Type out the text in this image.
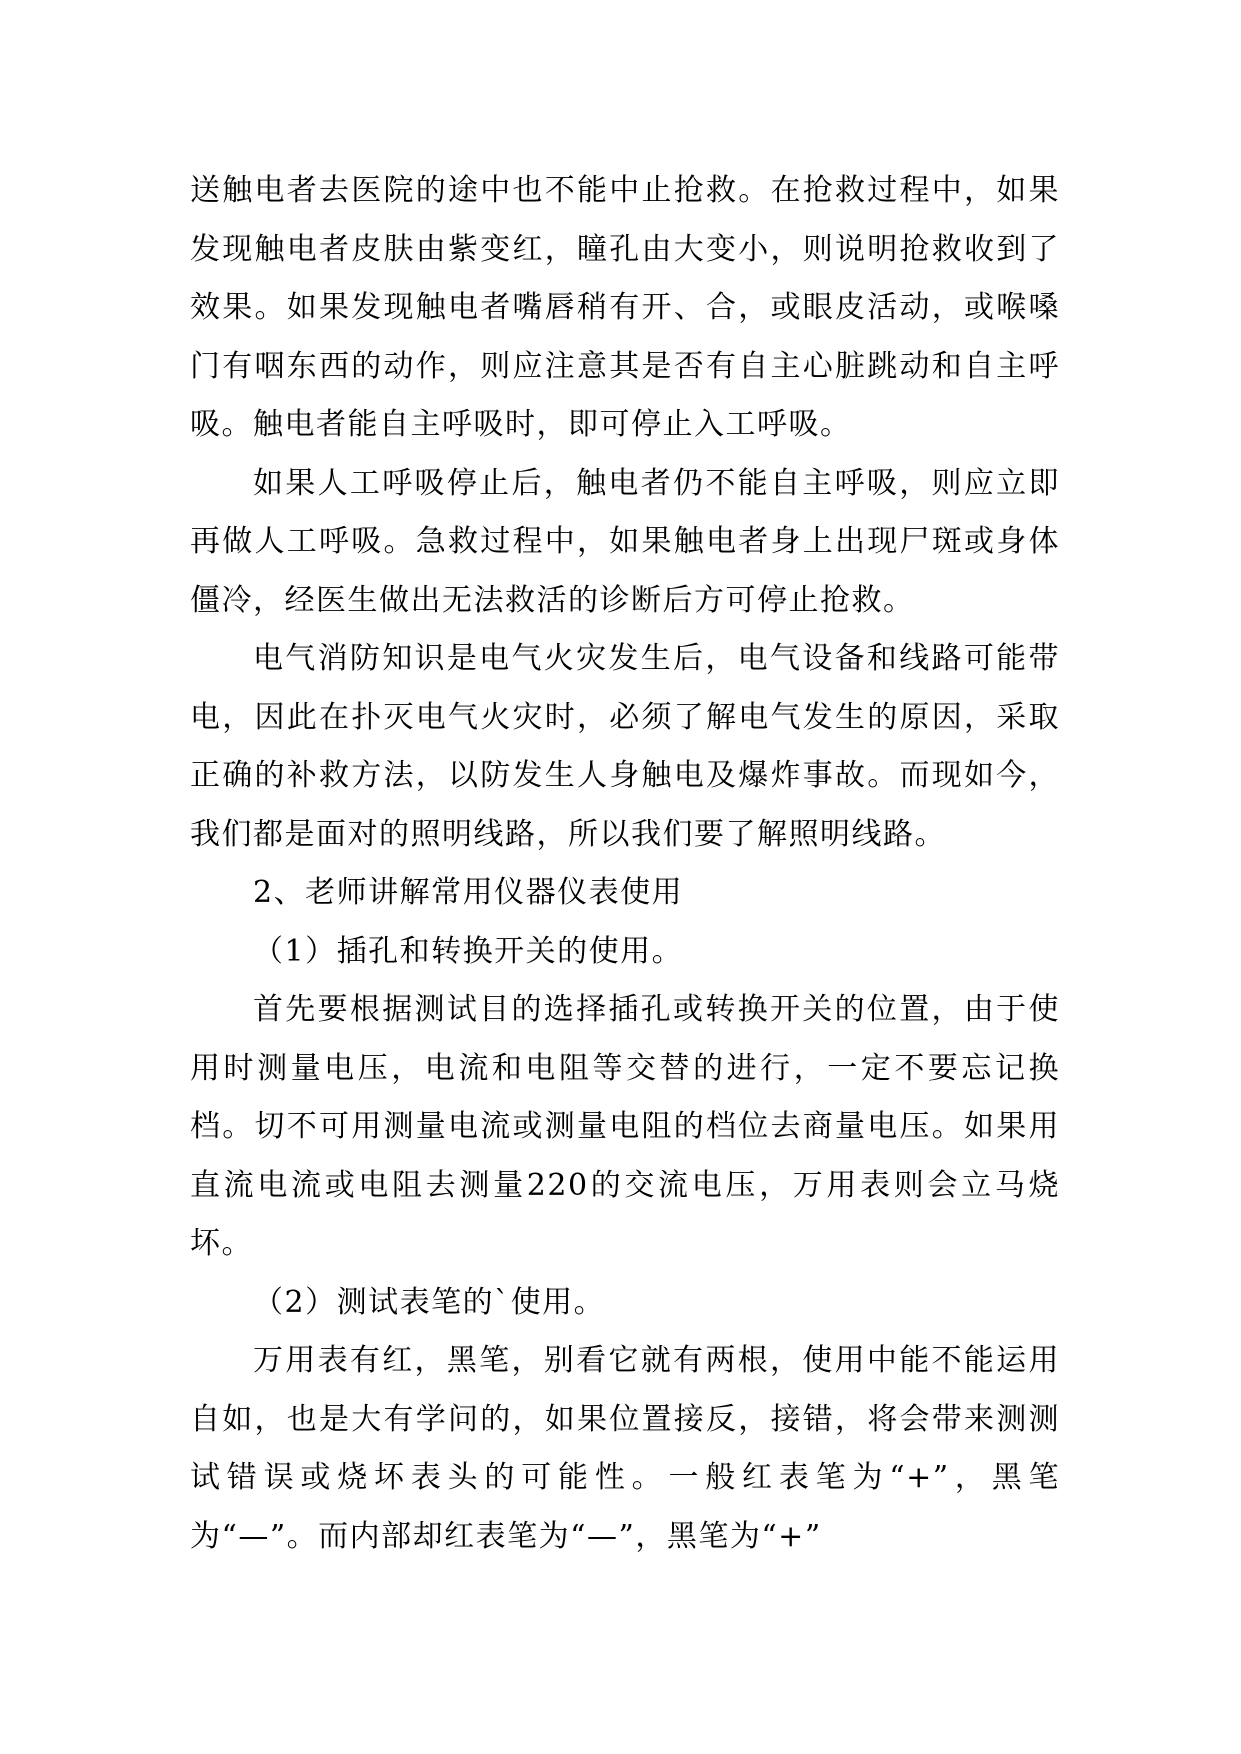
送触电者去医院的途中也不能中止抢救。在抢救过程中，如果发现触电者皮肤由紫变红，瞳孔由大变小，则说明抢救收到了效果。如果发现触电者嘴唇稍有开、合，或眼皮活动，或喉嗓门有咽东西的动作，则应注意其是否有自主心脏跳动和自主呼吸。触电者能自主呼吸时，即可停止入工呼吸。

如果人工呼吸停止后，触电者仍不能自主呼吸，则应立即再做人工呼吸。急救过程中，如果触电者身上出现尸斑或身体僵冷，经医生做出无法救活的诊断后方可停止抢救。

电气消防知识是电气火灾发生后，电气设备和线路可能带电，因此在扑灭电气火灾时，必须了解电气发生的原因，采取正确的补救方法，以防发生人身触电及爆炸事故。而现如今，我们都是面对的照明线路，所以我们要了解照明线路。

2、老师讲解常用仪器仪表使用

（1）插孔和转换开关的使用。

首先要根据测试目的选择插孔或转换开关的位置，由于使用时测量电压，电流和电阻等交替的进行，一定不要忘记换档。切不可用测量电流或测量电阻的档位去商量电压。如果用直流电流或电阻去测量220的交流电压，万用表则会立马烧坏。

（2）测试表笔的`使用。

万用表有红，黑笔，别看它就有两根，使用中能不能运用自如，也是大有学问的，如果位置接反，接错，将会带来测测试错误或烧坏表头的可能性。一般红表笔为“+”，黑笔为“—”。而内部却红表笔为“—”，黑笔为“+”
